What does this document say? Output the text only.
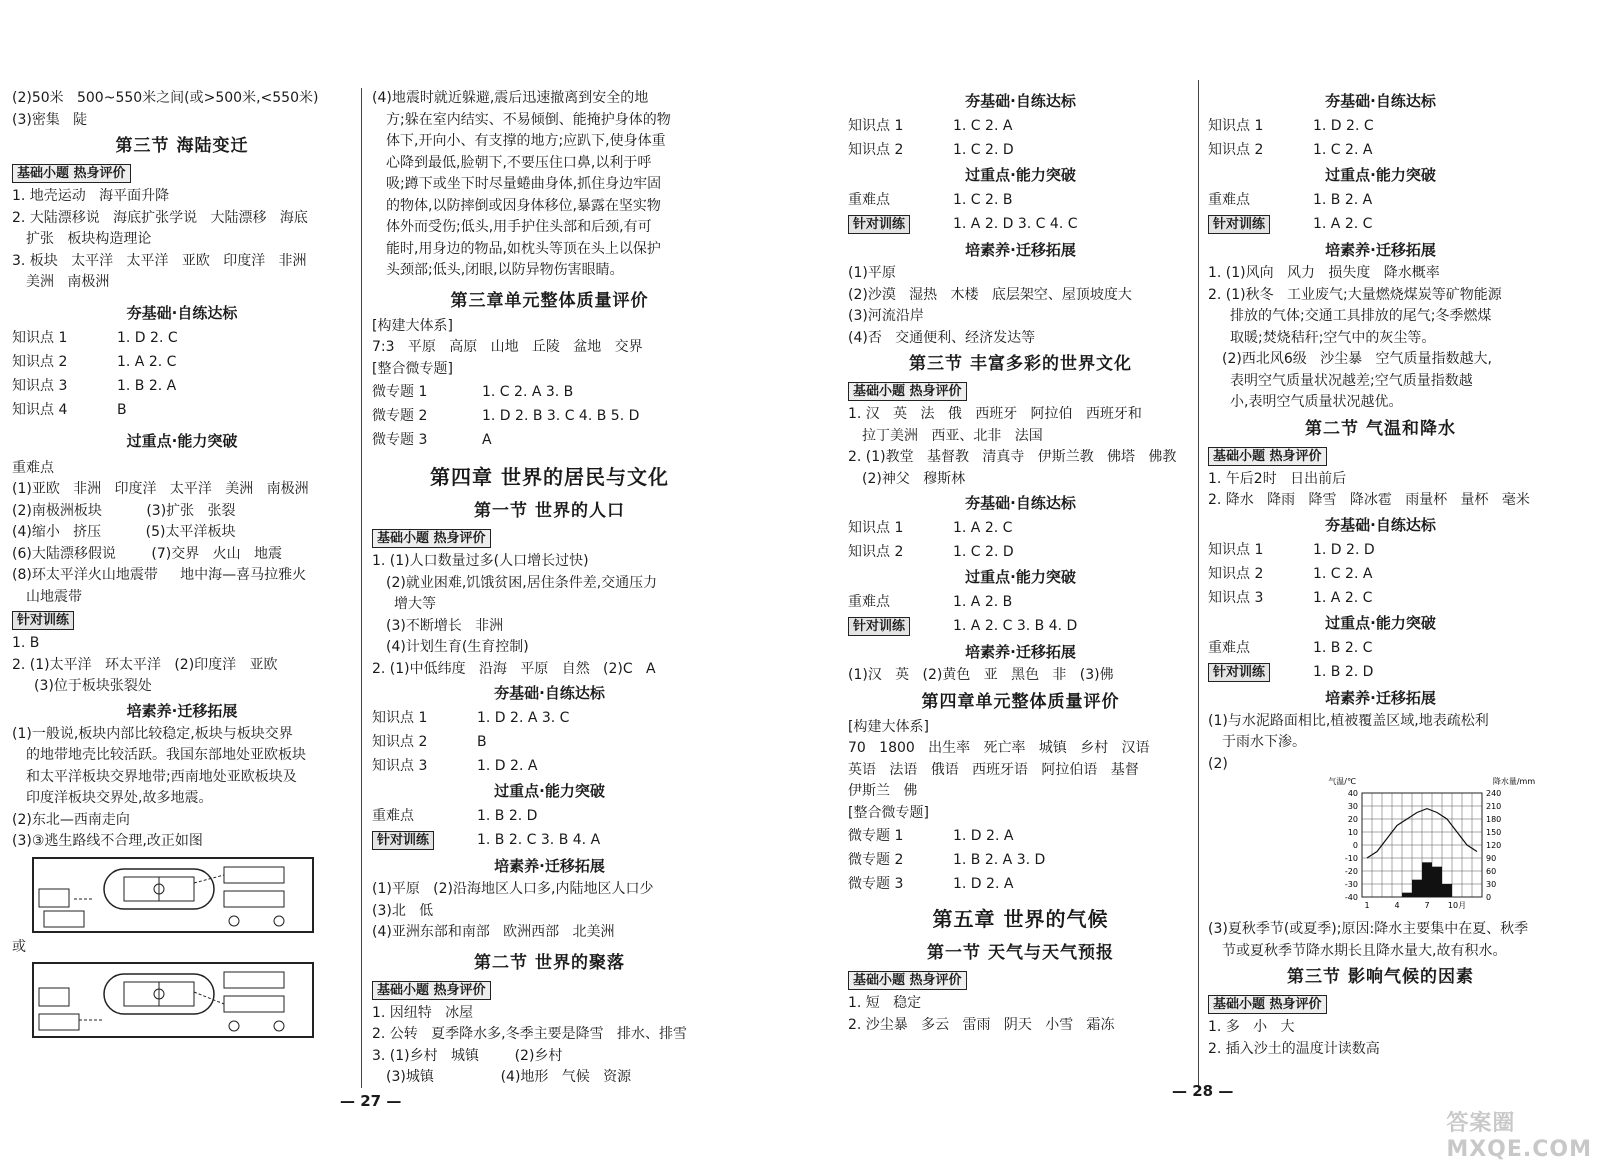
(2)50米   500~550米之间(或>500米,<550米)
(3)密集   陡
第三节 海陆变迁
基础小题 热身评价
1. 地壳运动   海平面升降
2. 大陆漂移说   海底扩张学说   大陆漂移   海底
扩张   板块构造理论
3. 板块   太平洋   太平洋   亚欧   印度洋   非洲
美洲   南极洲
夯基础·自练达标
知识点 1	1. D 2. C
知识点 2	1. A 2. C
知识点 3	1. B 2. A
知识点 4	B
过重点·能力突破
重难点
(1)亚欧   非洲   印度洋   太平洋   美洲   南极洲
(2)南极洲板块          (3)扩张   张裂
(4)缩小   挤压          (5)太平洋板块
(6)大陆漂移假说        (7)交界   火山   地震
(8)环太平洋火山地震带     地中海—喜马拉雅火
山地震带
针对训练
1. B
2. (1)太平洋   环太平洋   (2)印度洋   亚欧
(3)位于板块张裂处
培素养·迁移拓展
(1)一般说,板块内部比较稳定,板块与板块交界
的地带地壳比较活跃。我国东部地处亚欧板块
和太平洋板块交界地带;西南地处亚欧板块及
印度洋板块交界处,故多地震。
(2)东北—西南走向
(3)③逃生路线不合理,改正如图
或
(4)地震时就近躲避,震后迅速撤离到安全的地
方;躲在室内结实、不易倾倒、能掩护身体的物
体下,开向小、有支撑的地方;应趴下,使身体重
心降到最低,脸朝下,不要压住口鼻,以利于呼
吸;蹲下或坐下时尽量蜷曲身体,抓住身边牢固
的物体,以防摔倒或因身体移位,暴露在坚实物
体外而受伤;低头,用手护住头部和后颈,有可
能时,用身边的物品,如枕头等顶在头上以保护
头颈部;低头,闭眼,以防异物伤害眼睛。
第三章单元整体质量评价
[构建大体系]
7:3   平原   高原   山地   丘陵   盆地   交界
[整合微专题]
微专题 1	1. C 2. A 3. B
微专题 2	1. D 2. B 3. C 4. B 5. D
微专题 3	A
第四章 世界的居民与文化
第一节 世界的人口
基础小题 热身评价
1. (1)人口数量过多(人口增长过快)
(2)就业困难,饥饿贫困,居住条件差,交通压力
增大等
(3)不断增长   非洲
(4)计划生育(生育控制)
2. (1)中低纬度   沿海   平原   自然   (2)C   A
夯基础·自练达标
知识点 1	1. D 2. A 3. C
知识点 2	B
知识点 3	1. D 2. A
过重点·能力突破
重难点	1. B 2. D
针对训练	1. B 2. C 3. B 4. A
培素养·迁移拓展
(1)平原   (2)沿海地区人口多,内陆地区人口少
(3)北   低
(4)亚洲东部和南部   欧洲西部   北美洲
第二节 世界的聚落
基础小题 热身评价
1. 因纽特   冰屋
2. 公转   夏季降水多,冬季主要是降雪   排水、排雪
3. (1)乡村   城镇        (2)乡村
(3)城镇               (4)地形   气候   资源
夯基础·自练达标
知识点 1	1. C 2. A
知识点 2	1. C 2. D
过重点·能力突破
重难点	1. C 2. B
针对训练	1. A 2. D 3. C 4. C
培素养·迁移拓展
(1)平原
(2)沙漠   湿热   木楼   底层架空、屋顶坡度大
(3)河流沿岸
(4)否   交通便利、经济发达等
第三节 丰富多彩的世界文化
基础小题 热身评价
1. 汉   英   法   俄   西班牙   阿拉伯   西班牙和
拉丁美洲   西亚、北非   法国
2. (1)教堂   基督教   清真寺   伊斯兰教   佛塔   佛教
(2)神父   穆斯林
夯基础·自练达标
知识点 1	1. A 2. C
知识点 2	1. C 2. D
过重点·能力突破
重难点	1. A 2. B
针对训练	1. A 2. C 3. B 4. D
培素养·迁移拓展
(1)汉   英   (2)黄色   亚   黑色   非   (3)佛
第四章单元整体质量评价
[构建大体系]
70   1800   出生率   死亡率   城镇   乡村   汉语
英语   法语   俄语   西班牙语   阿拉伯语   基督
伊斯兰   佛
[整合微专题]
微专题 1	1. D 2. A
微专题 2	1. B 2. A 3. D
微专题 3	1. D 2. A
第五章 世界的气候
第一节 天气与天气预报
基础小题 热身评价
1. 短   稳定
2. 沙尘暴   多云   雷雨   阴天   小雪   霜冻
夯基础·自练达标
知识点 1	1. D 2. C
知识点 2	1. C 2. A
过重点·能力突破
重难点	1. B 2. A
针对训练	1. A 2. C
培素养·迁移拓展
1. (1)风向   风力   损失度   降水概率
2. (1)秋冬   工业废气;大量燃烧煤炭等矿物能源
排放的气体;交通工具排放的尾气;冬季燃煤
取暖;焚烧秸秆;空气中的灰尘等。
(2)西北风6级   沙尘暴   空气质量指数越大,
表明空气质量状况越差;空气质量指数越
小,表明空气质量状况越优。
第二节 气温和降水
基础小题 热身评价
1. 午后2时   日出前后
2. 降水   降雨   降雪   降冰雹   雨量杯   量杯   毫米
夯基础·自练达标
知识点 1	1. D 2. D
知识点 2	1. C 2. A
知识点 3	1. A 2. C
过重点·能力突破
重难点	1. B 2. C
针对训练	1. B 2. D
培素养·迁移拓展
(1)与水泥路面相比,植被覆盖区域,地表疏松利
于雨水下渗。
(2)
气温/℃	降水量/mm
40
30
20
10
0
-10
-20
-30
-40
240
210
180
150
120
90
60
30
0
1	4	7 10月
(3)夏秋季节(或夏季);原因:降水主要集中在夏、秋季
节或夏秋季节降水期长且降水量大,故有积水。
第三节 影响气候的因素
基础小题 热身评价
1. 多   小   大
2. 插入沙土的温度计读数高
— 27 —
— 28 —
答案圈
MXQE.COM
